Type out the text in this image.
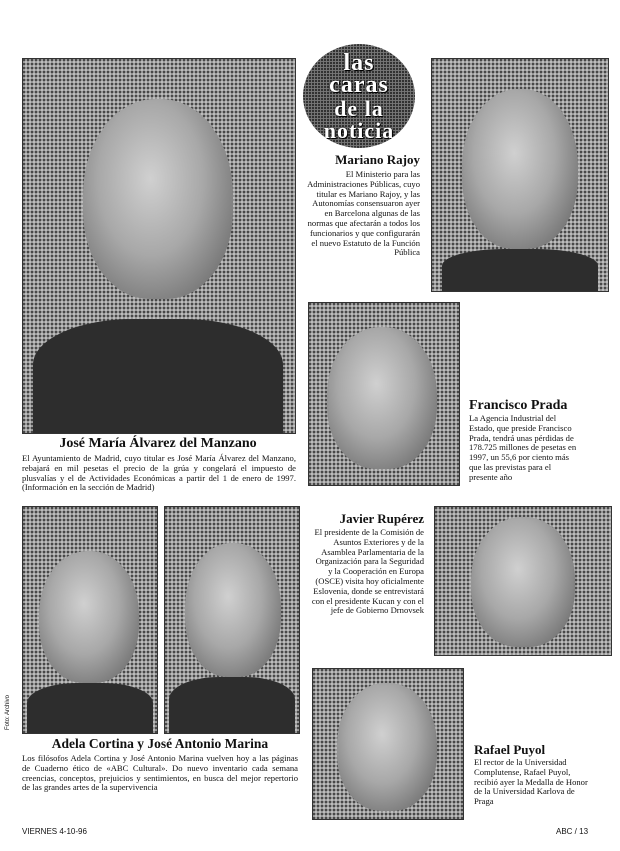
las
caras
de la
noticia
José María Álvarez del Manzano
El Ayuntamiento de Madrid, cuyo titular es José María Álvarez del Manzano, rebajará en mil pesetas el precio de la grúa y congelará el impuesto de plusvalías y el de Actividades Económicas a partir del 1 de enero de 1997. (Información en la sección de Madrid)
Mariano Rajoy
El Ministerio para las Administraciones Públicas, cuyo titular es Mariano Rajoy, y las Autonomías consensuaron ayer en Barcelona algunas de las normas que afectarán a todos los funcionarios y que configurarán el nuevo Estatuto de la Función Pública
Francisco Prada
La Agencia Industrial del Estado, que preside Francisco Prada, tendrá unas pérdidas de 178.725 millones de pesetas en 1997, un 55,6 por ciento más que las previstas para el presente año
Javier Rupérez
El presidente de la Comisión de Asuntos Exteriores y de la Asamblea Parlamentaria de la Organización para la Seguridad y la Cooperación en Europa (OSCE) visita hoy oficialmente Eslovenia, donde se entrevistará con el presidente Kucan y con el jefe de Gobierno Drnovsek
Foto: Archivo
Adela Cortina y José Antonio Marina
Los filósofos Adela Cortina y José Antonio Marina vuelven hoy a las páginas de Cuaderno ético de «ABC Cultural». Do nuevo inventario cada semana creencias, conceptos, prejuicios y sentimientos, en busca del mejor repertorio de las grandes artes de la supervivencia
Rafael Puyol
El rector de la Universidad Complutense, Rafael Puyol, recibió ayer la Medalla de Honor de la Universidad Karlova de Praga
VIERNES 4-10-96	ABC / 13
